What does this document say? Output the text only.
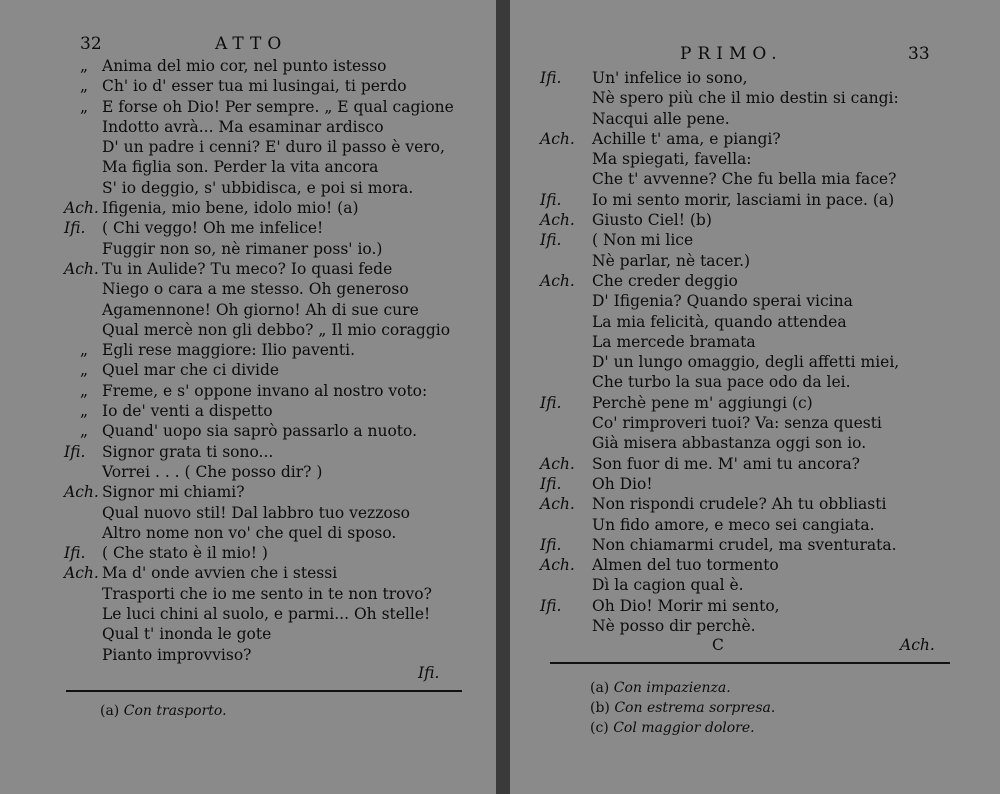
32	ATTO
„ Anima del mio cor, nel punto istesso
„ Ch' io d' esser tua mi lusingai, ti perdo
„ E forse oh Dio! Per sempre. „ E qual cagione
Indotto avrà... Ma esaminar ardisco
D' un padre i cenni? E' duro il passo è vero,
Ma figlia son. Perder la vita ancora
S' io deggio, s' ubbidisca, e poi si mora.
Ach. Ifigenia, mio bene, idolo mio! (a)
Ifi. ( Chi veggo! Oh me infelice!
Fuggir non so, nè rimaner poss' io.)
Ach. Tu in Aulide? Tu meco? Io quasi fede
Niego o cara a me stesso. Oh generoso
Agamennone! Oh giorno! Ah di sue cure
Qual mercè non gli debbo? „ Il mio coraggio
„ Egli rese maggiore: Ilio paventi.
„ Quel mar che ci divide
„ Freme, e s' oppone invano al nostro voto:
„ Io de' venti a dispetto
„ Quand' uopo sia saprò passarlo a nuoto.
Ifi. Signor grata ti sono...
Vorrei . . . ( Che posso dir? )
Ach. Signor mi chiami?
Qual nuovo stil! Dal labbro tuo vezzoso
Altro nome non vo' che quel di sposo.
Ifi. ( Che stato è il mio! )
Ach. Ma d' onde avvien che i stessi
Trasporti che io me sento in te non trovo?
Le luci chini al suolo, e parmi... Oh stelle!
Qual t' inonda le gote
Pianto improvviso?
Ifi.
(a) Con trasporto.
PRIMO.	33
Ifi. Un' infelice io sono,
Nè spero più che il mio destin si cangi:
Nacqui alle pene.
Ach. Achille t' ama, e piangi?
Ma spiegati, favella:
Che t' avvenne? Che fu bella mia face?
Ifi. Io mi sento morir, lasciami in pace. (a)
Ach. Giusto Ciel! (b)
Ifi. ( Non mi lice
Nè parlar, nè tacer.)
Ach. Che creder deggio
D' Ifigenia? Quando sperai vicina
La mia felicità, quando attendea
La mercede bramata
D' un lungo omaggio, degli affetti miei,
Che turbo la sua pace odo da lei.
Ifi. Perchè pene m' aggiungi (c)
Co' rimproveri tuoi? Va: senza questi
Già misera abbastanza oggi son io.
Ach. Son fuor di me. M' ami tu ancora?
Ifi. Oh Dio!
Ach. Non rispondi crudele? Ah tu obbliasti
Un fido amore, e meco sei cangiata.
Ifi. Non chiamarmi crudel, ma sventurata.
Ach. Almen del tuo tormento
Dì la cagion qual è.
Ifi. Oh Dio! Morir mi sento,
Nè posso dir perchè.
C	Ach.
(a) Con impazienza.
(b) Con estrema sorpresa.
(c) Col maggior dolore.
